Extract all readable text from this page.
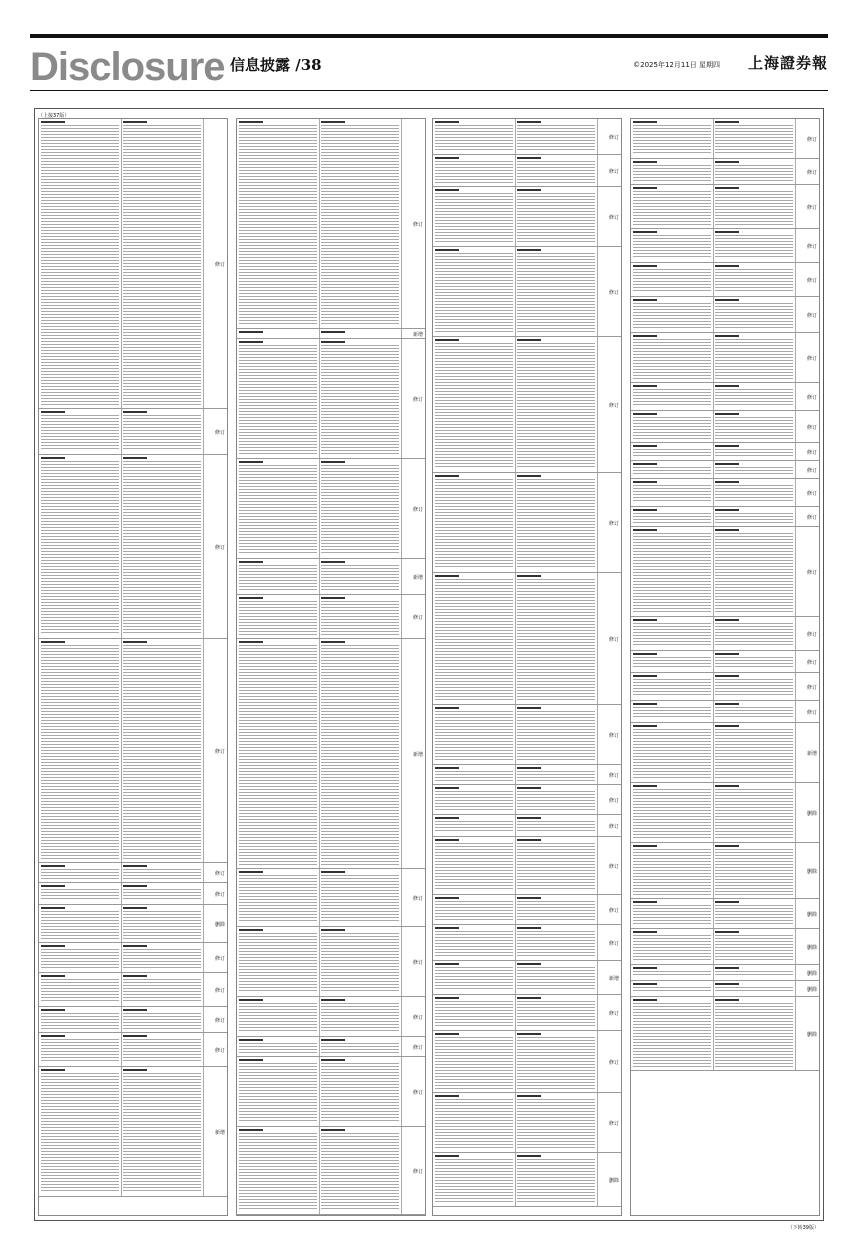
Disclosure 信息披露 /38	©2025年12月11日 星期四 上海證券報
（上接37版）
修订
修订
修订
修订
修订
修订
删除
修订
修订
修订
修订
新增
修订
新增
修订
修订
新增
修订
新增
修订
修订
修订
修订
修订
修订
修订
修订
修订
修订
修订
修订
修订
修订
修订
修订
修订
修订
修订
修订
新增
修订
修订
修订
删除
修订
修订
修订
修订
修订
修订
修订
修订
修订
修订
修订
修订
修订
修订
修订
修订
修订
修订
新增
删除
删除
删除
删除
删除
删除
删除
（下转39版）
